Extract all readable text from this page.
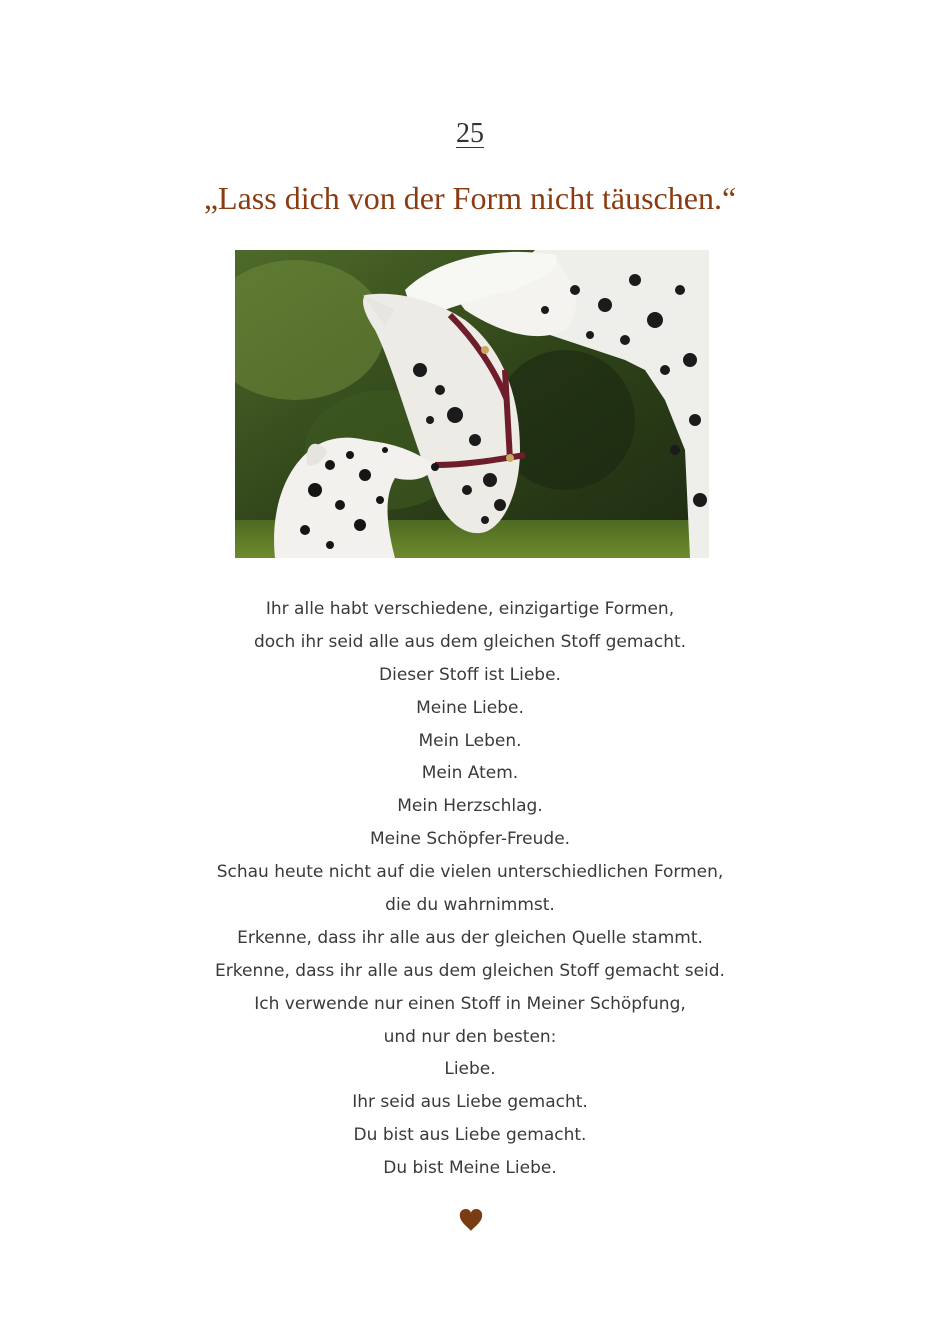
25
„Lass dich von der Form nicht täuschen.“
Ihr alle habt verschiedene, einzigartige Formen,
doch ihr seid alle aus dem gleichen Stoff gemacht.
Dieser Stoff ist Liebe.
Meine Liebe.
Mein Leben.
Mein Atem.
Mein Herzschlag.
Meine Schöpfer-Freude.
Schau heute nicht auf die vielen unterschiedlichen Formen,
die du wahrnimmst.
Erkenne, dass ihr alle aus der gleichen Quelle stammt.
Erkenne, dass ihr alle aus dem gleichen Stoff gemacht seid.
Ich verwende nur einen Stoff in Meiner Schöpfung,
und nur den besten:
Liebe.
Ihr seid aus Liebe gemacht.
Du bist aus Liebe gemacht.
Du bist Meine Liebe.
